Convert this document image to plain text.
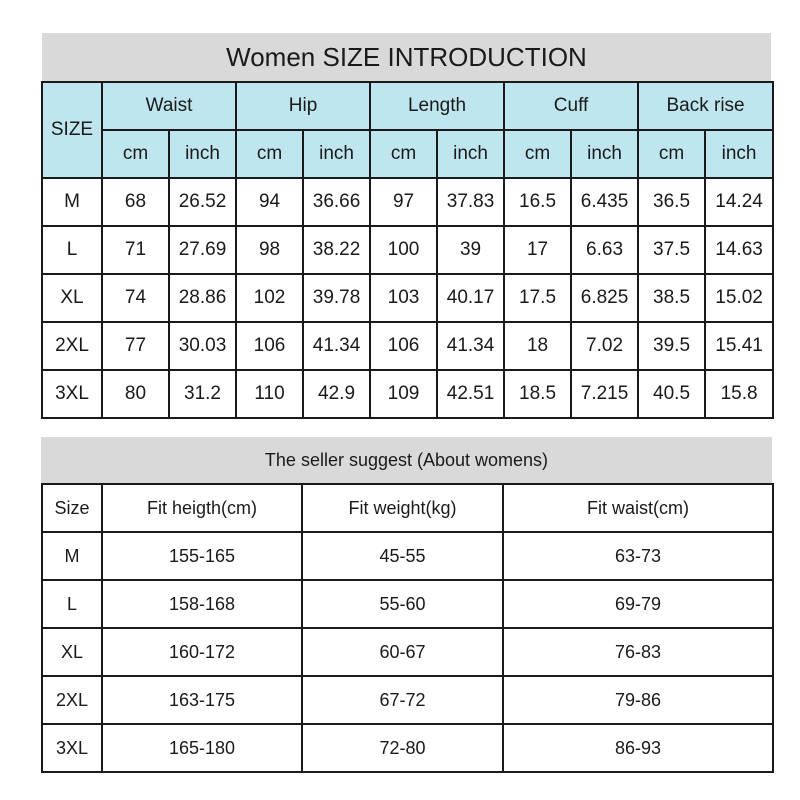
Women SIZE INTRODUCTION
SIZE	Waist		Hip		Length		Cuff		Back rise	
	cm	inch	cm	inch	cm	inch	cm	inch	cm	inch
M	68	26.52	94	36.66	97	37.83	16.5	6.435	36.5	14.24
L	71	27.69	98	38.22	100	39	17	6.63	37.5	14.63
XL	74	28.86	102	39.78	103	40.17	17.5	6.825	38.5	15.02
2XL	77	30.03	106	41.34	106	41.34	18	7.02	39.5	15.41
3XL	80	31.2	110	42.9	109	42.51	18.5	7.215	40.5	15.8
The seller suggest (About womens)
Size	Fit heigth(cm)	Fit weight(kg)	Fit waist(cm)
M	155-165	45-55	63-73
L	158-168	55-60	69-79
XL	160-172	60-67	76-83
2XL	163-175	67-72	79-86
3XL	165-180	72-80	86-93
